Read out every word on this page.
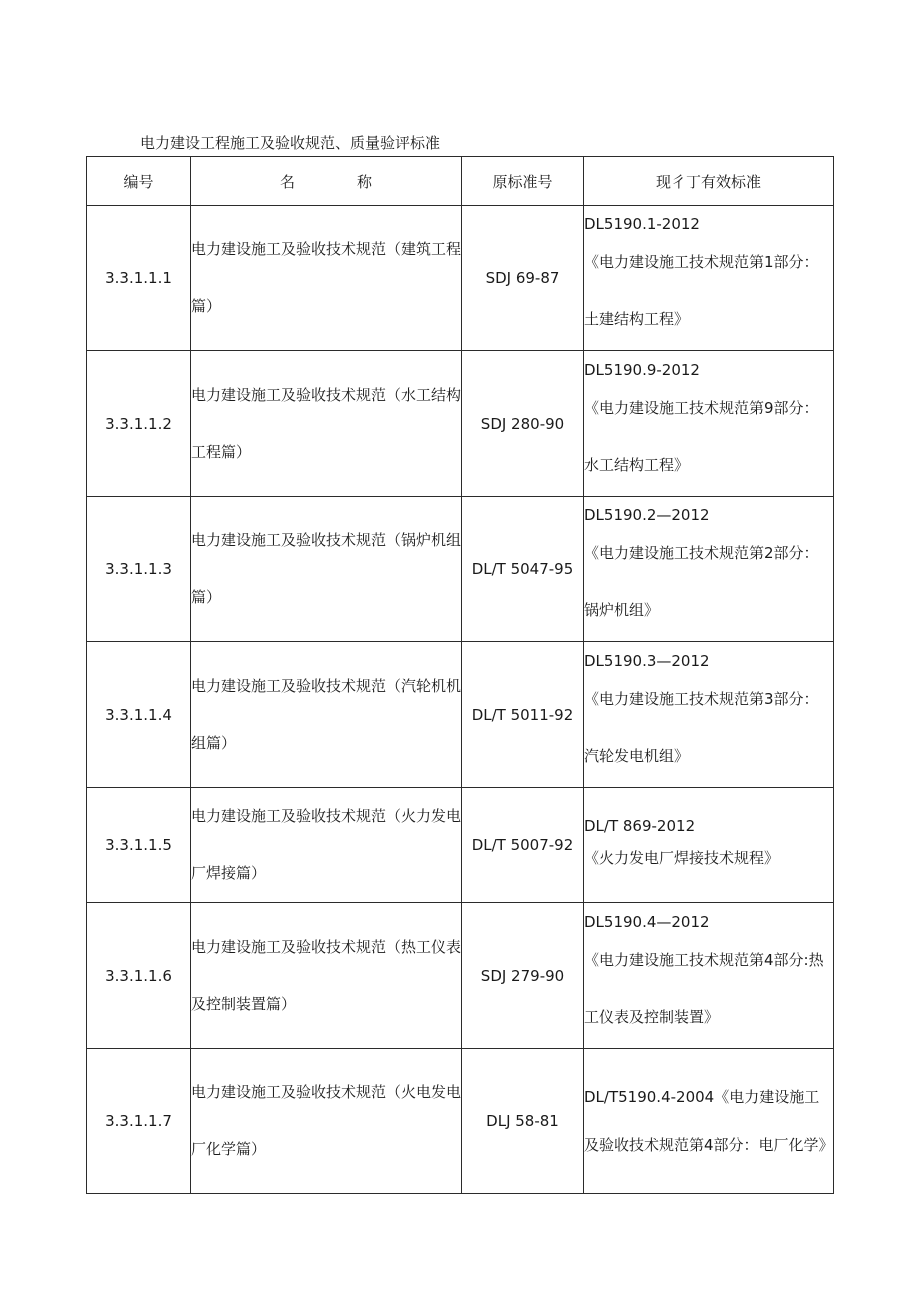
电力建设工程施工及验收规范、质量验评标准
编号	名 称	原标准号	现彳丁有效标准
3.3.1.1.1	电力建设施工及验收技术规范（建筑工程篇）	SDJ 69-87	DL5190.1-2012
《电力建设施工技术规范第1部分：土建结构工程》

3.3.1.1.2	电力建设施工及验收技术规范（水工结构工程篇）	SDJ 280-90	DL5190.9-2012
《电力建设施工技术规范第9部分：水工结构工程》

3.3.1.1.3	电力建设施工及验收技术规范（锅炉机组篇）	DL/T 5047-95	DL5190.2—2012
《电力建设施工技术规范第2部分：锅炉机组》

3.3.1.1.4	电力建设施工及验收技术规范（汽轮机机组篇）	DL/T 5011-92	DL5190.3—2012
《电力建设施工技术规范第3部分：汽轮发电机组》

3.3.1.1.5	电力建设施工及验收技术规范（火力发电厂焊接篇）	DL/T 5007-92	DL/T 869-2012
《火力发电厂焊接技术规程》

3.3.1.1.6	电力建设施工及验收技术规范（热工仪表及控制装置篇）	SDJ 279-90	DL5190.4—2012
《电力建设施工技术规范第4部分:热工仪表及控制装置》

3.3.1.1.7	电力建设施工及验收技术规范（火电发电厂化学篇）	DLJ 58-81	DL/T5190.4-2004《电力建设施工及验收技术规范第4部分：电厂化学》
